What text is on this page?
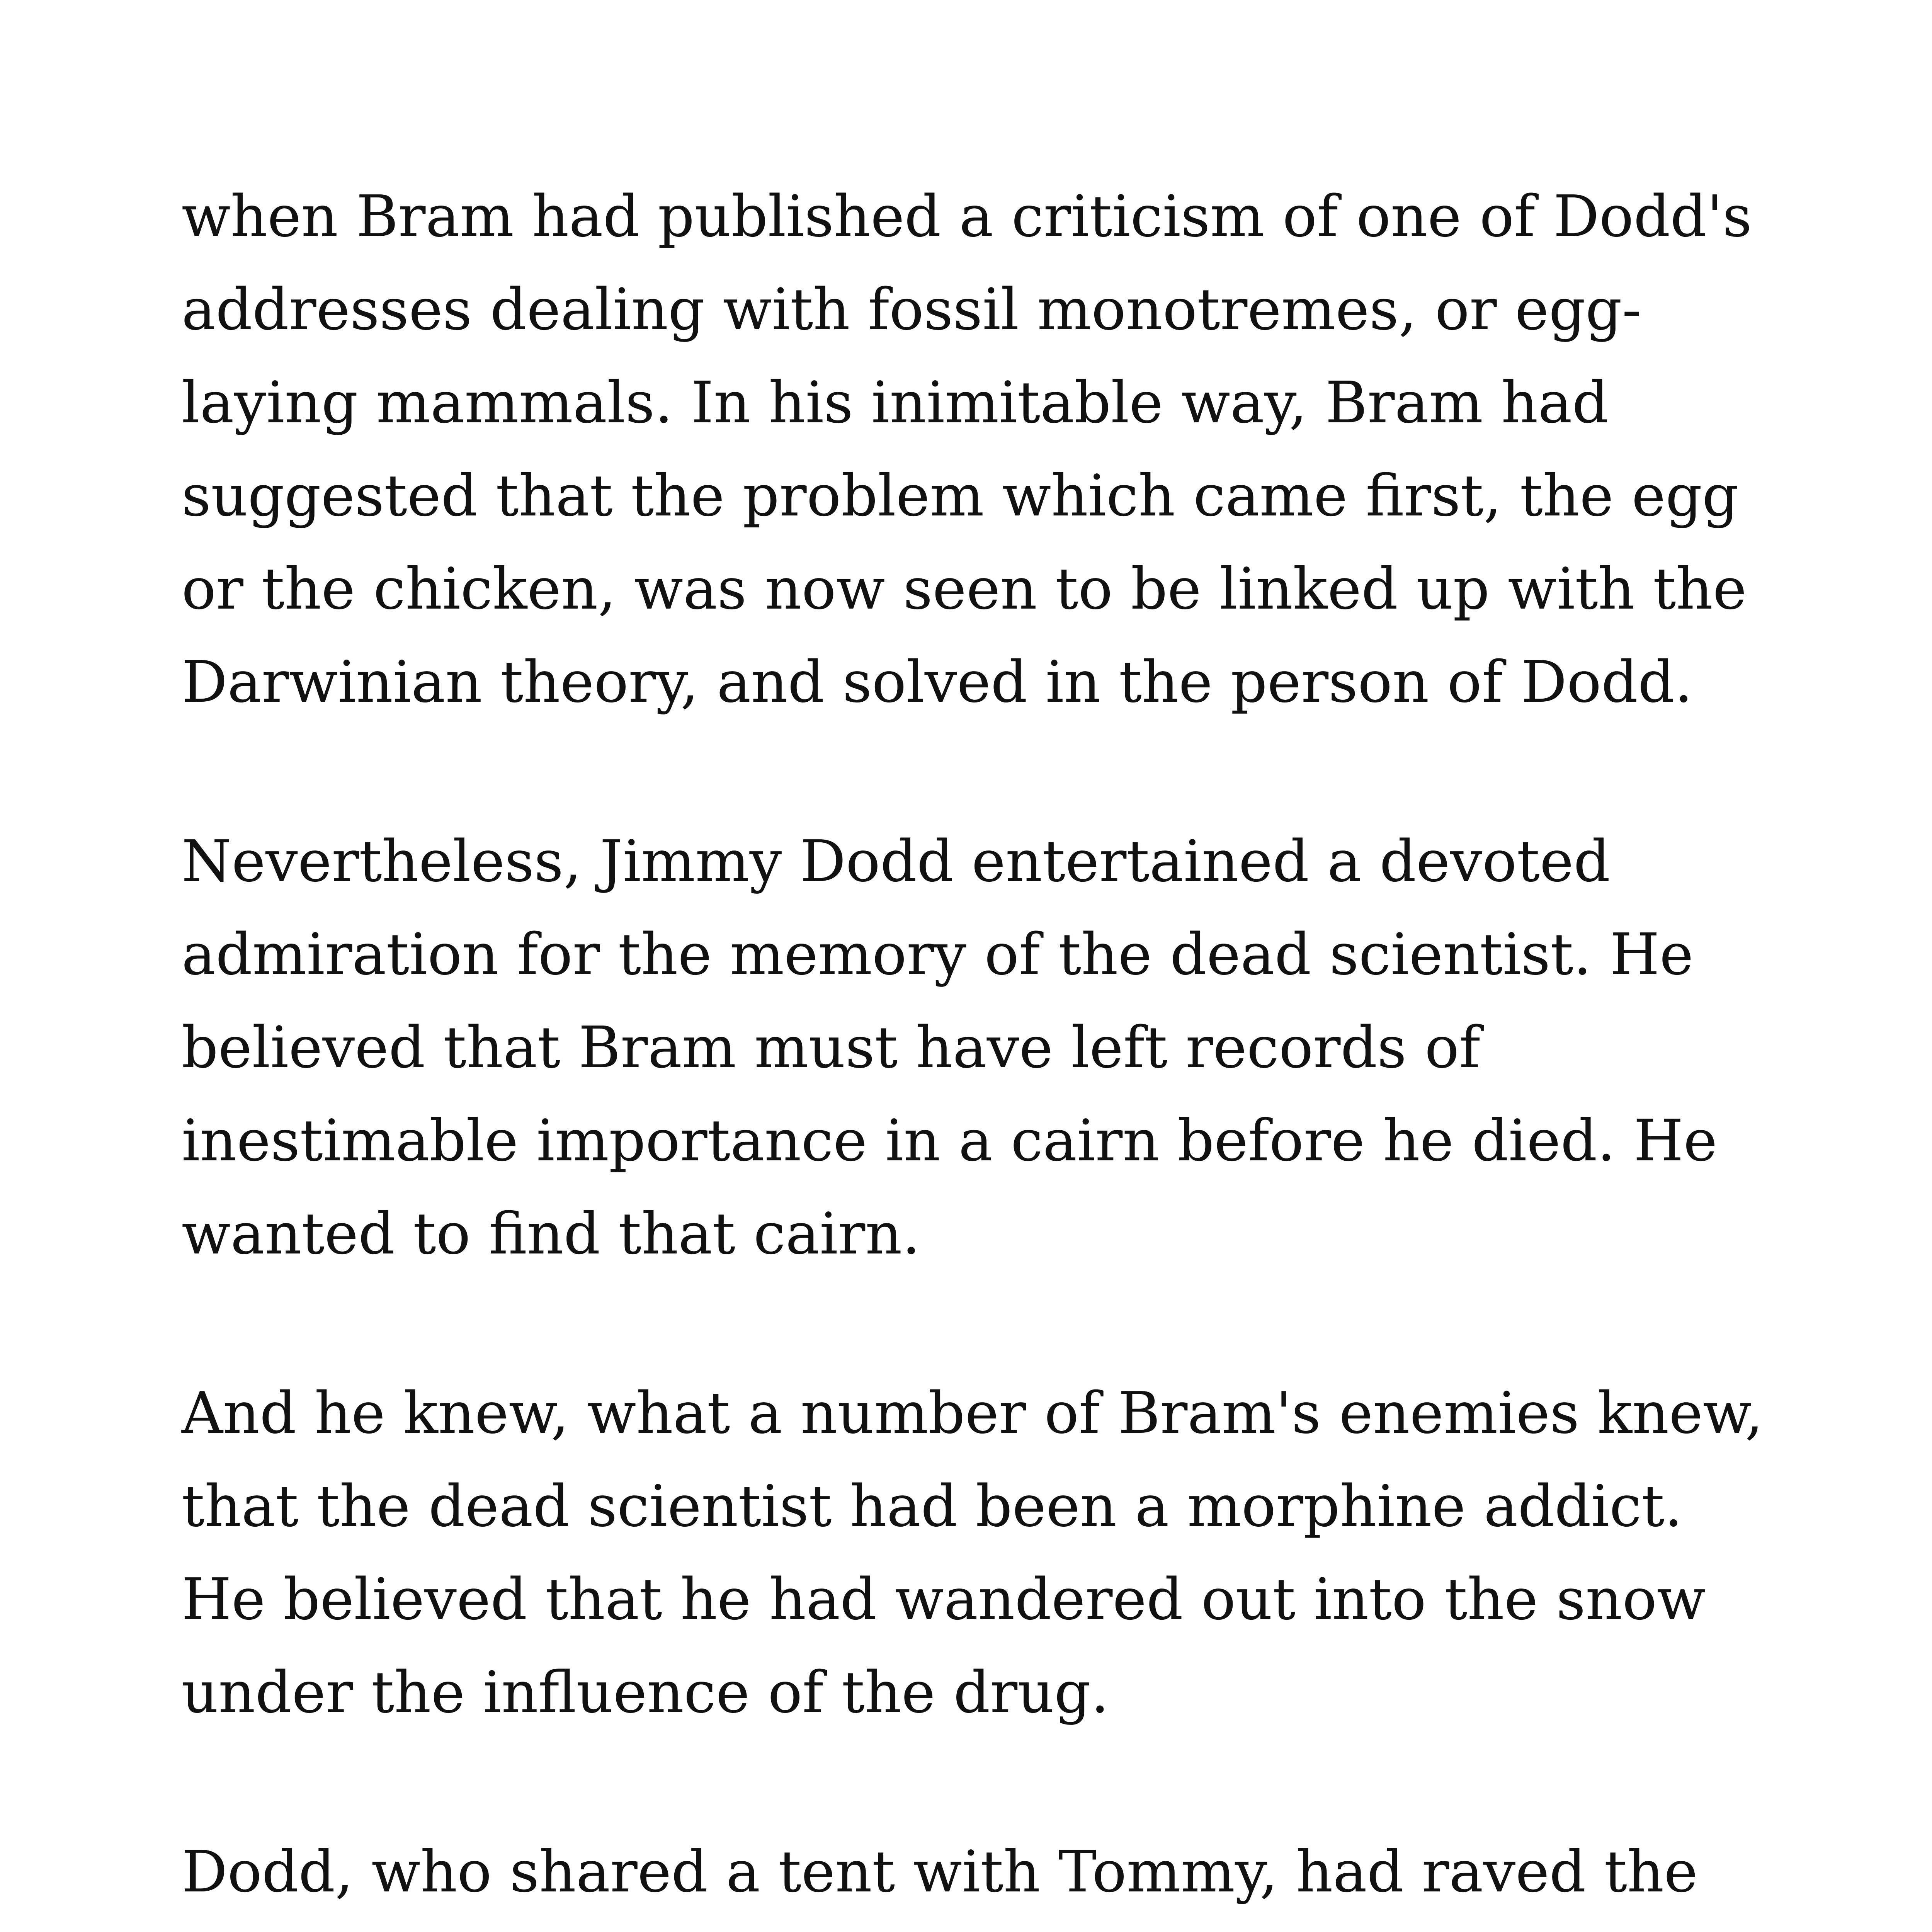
when Bram had published a criticism of one of Dodd's
addresses dealing with fossil monotremes, or egg-
laying mammals. In his inimitable way, Bram had
suggested that the problem which came first, the egg
or the chicken, was now seen to be linked up with the
Darwinian theory, and solved in the person of Dodd.
Nevertheless, Jimmy Dodd entertained a devoted
admiration for the memory of the dead scientist. He
believed that Bram must have left records of
inestimable importance in a cairn before he died. He
wanted to find that cairn.
And he knew, what a number of Bram's enemies knew,
that the dead scientist had been a morphine addict.
He believed that he had wandered out into the snow
under the influence of the drug.
Dodd, who shared a tent with Tommy, had raved the
